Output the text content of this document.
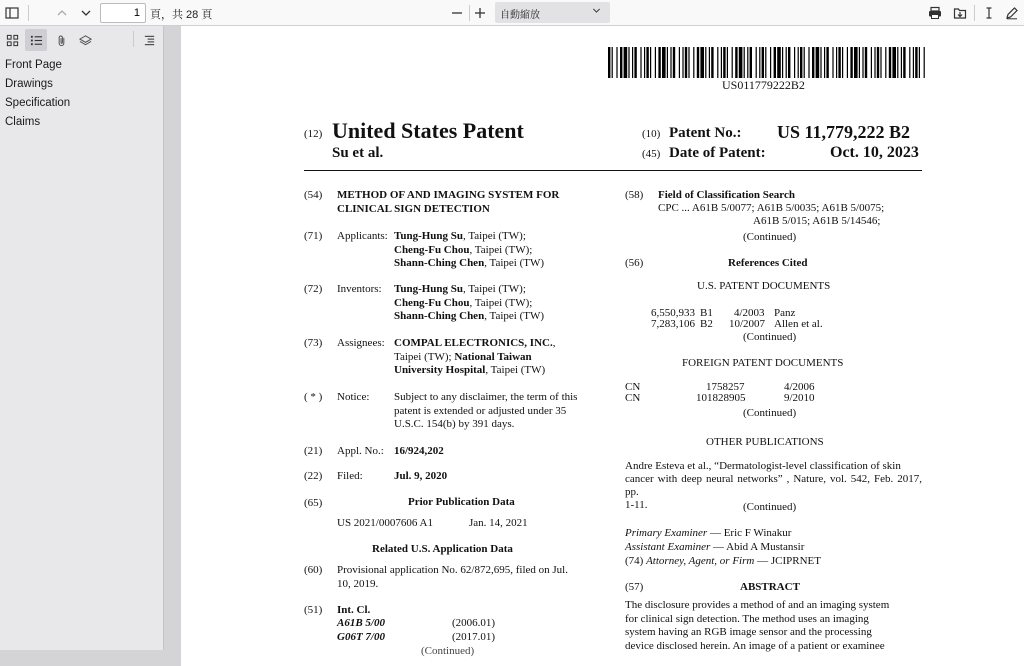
1
頁，共 28 頁	自動縮放
Front Page
Drawings
Specification
Claims
US011779222B2
(12) United States Patent
Su et al.
(10) Patent No.: US 11,779,222 B2
(45) Date of Patent:	Oct. 10, 2023
(54) METHOD OF AND IMAGING SYSTEM FOR
CLINICAL SIGN DETECTION
(71) Applicants: Tung-Hung Su, Taipei (TW);
Cheng-Fu Chou, Taipei (TW);
Shann-Ching Chen, Taipei (TW)
(72) Inventors: Tung-Hung Su, Taipei (TW);
Cheng-Fu Chou, Taipei (TW);
Shann-Ching Chen, Taipei (TW)
(73) Assignees: COMPAL ELECTRONICS, INC.,
Taipei (TW); National Taiwan
University Hospital, Taipei (TW)
( * ) Notice: Subject to any disclaimer, the term of this
patent is extended or adjusted under 35
U.S.C. 154(b) by 391 days.
(21) Appl. No.: 16/924,202
(22) Filed:	Jul. 9, 2020
(65)	Prior Publication Data
US 2021/0007606 A1	Jan. 14, 2021
Related U.S. Application Data
(60) Provisional application No. 62/872,695, filed on Jul.
10, 2019.
(51) Int. Cl.
A61B 5/00	(2006.01)
G06T 7/00	(2017.01)
(Continued)
(58) Field of Classification Search
CPC ... A61B 5/0077; A61B 5/0035; A61B 5/0075;
A61B 5/015; A61B 5/14546;
(Continued)
(56)	References Cited
U.S. PATENT DOCUMENTS
6,550,933 B1 4/2003 Panz
7,283,106 B2 10/2007 Allen et al.
(Continued)
FOREIGN PATENT DOCUMENTS
CN	1758257	4/2006
CN	101828905	9/2010
(Continued)
OTHER PUBLICATIONS
Andre Esteva et al., “Dermatologist-level classification of skin
cancer with deep neural networks” , Nature, vol. 542, Feb. 2017, pp.
1-11.	(Continued)
Primary Examiner — Eric F Winakur
Assistant Examiner — Abid A Mustansir
(74) Attorney, Agent, or Firm — JCIPRNET
(57)	ABSTRACT
The disclosure provides a method of and an imaging system
for clinical sign detection. The method uses an imaging
system having an RGB image sensor and the processing
device disclosed herein. An image of a patient or examinee
